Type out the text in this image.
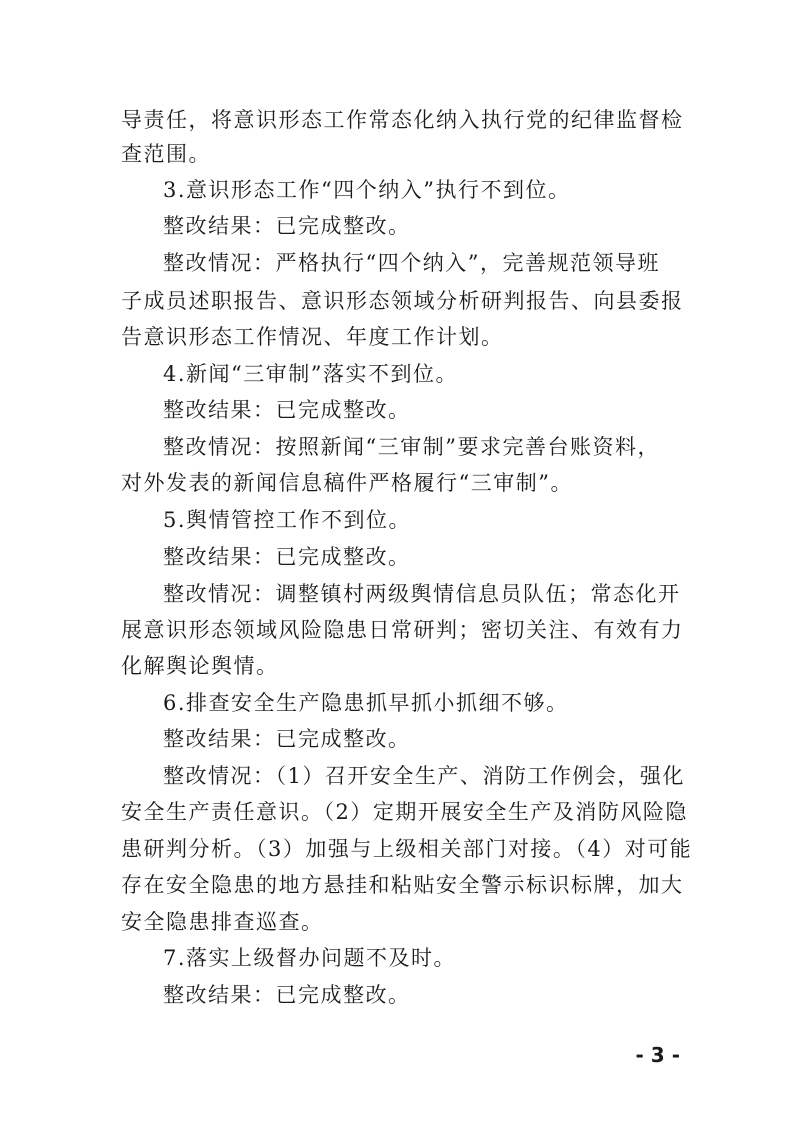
导责任，将意识形态工作常态化纳入执行党的纪律监督检
查范围。
3.意识形态工作“四个纳入”执行不到位。
整改结果：已完成整改。
整改情况：严格执行“四个纳入”，完善规范领导班
子成员述职报告、意识形态领域分析研判报告、向县委报
告意识形态工作情况、年度工作计划。
4.新闻“三审制”落实不到位。
整改结果：已完成整改。
整改情况：按照新闻“三审制”要求完善台账资料，
对外发表的新闻信息稿件严格履行“三审制”。
5.舆情管控工作不到位。
整改结果：已完成整改。
整改情况：调整镇村两级舆情信息员队伍；常态化开
展意识形态领域风险隐患日常研判；密切关注、有效有力
化解舆论舆情。
6.排查安全生产隐患抓早抓小抓细不够。
整改结果：已完成整改。
整改情况：（1）召开安全生产、消防工作例会，强化
安全生产责任意识。（2）定期开展安全生产及消防风险隐
患研判分析。（3）加强与上级相关部门对接。（4）对可能
存在安全隐患的地方悬挂和粘贴安全警示标识标牌，加大
安全隐患排查巡查。
7.落实上级督办问题不及时。
整改结果：已完成整改。
- 3 -
